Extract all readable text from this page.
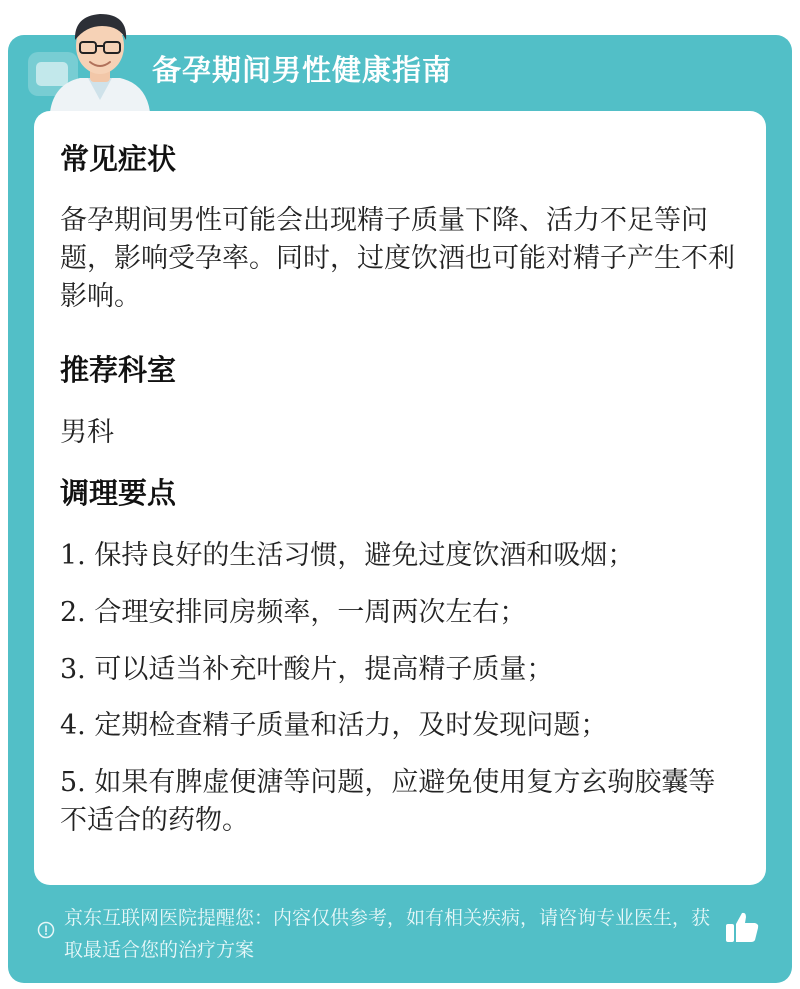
备孕期间男性健康指南
常见症状
备孕期间男性可能会出现精子质量下降、活力不足等问题，影响受孕率。同时，过度饮酒也可能对精子产生不利影响。
推荐科室
男科
调理要点
1. 保持良好的生活习惯，避免过度饮酒和吸烟；
2. 合理安排同房频率，一周两次左右；
3. 可以适当补充叶酸片，提高精子质量；
4. 定期检查精子质量和活力，及时发现问题；
5. 如果有脾虚便溏等问题，应避免使用复方玄驹胶囊等不适合的药物。
京东互联网医院提醒您：内容仅供参考，如有相关疾病，请咨询专业医生，获取最适合您的治疗方案
